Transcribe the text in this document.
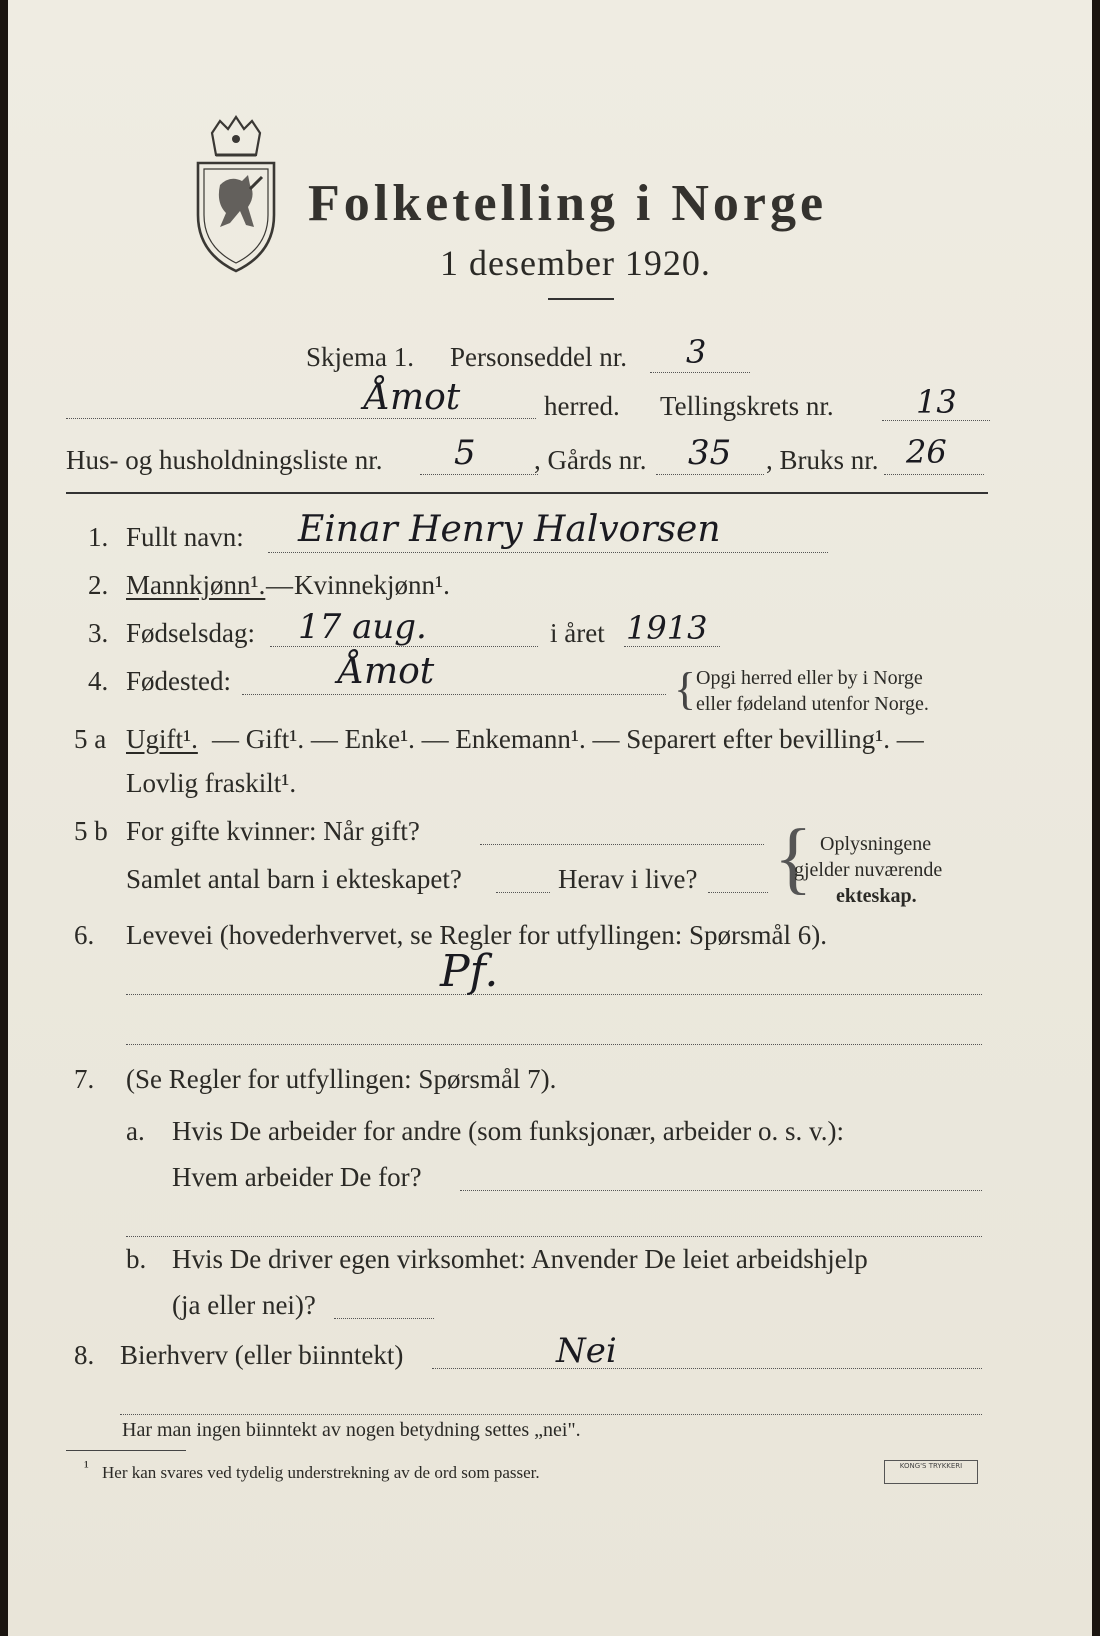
Folketelling i Norge
1 desember 1920.
Skjema 1. Personseddel nr. 3
Åmot	herred. Tellingskrets nr.	13
Hus- og husholdningsliste nr. 5 , Gårds nr. 35 , Bruks nr. 26
1. Fullt navn: Einar Henry Halvorsen
2. Mannkjønn¹. — Kvinnekjønn¹.
3. Fødselsdag: 17 aug.	i året 1913
4. Fødested:	Åmot	{ Opgi herred eller by i Norge
eller fødeland utenfor Norge.
5 a Ugift¹. — Gift¹. — Enke¹. — Enkemann¹. — Separert efter bevilling¹. —
Lovlig fraskilt¹.
5 b For gifte kvinner: Når gift?
Samlet antal barn i ekteskapet?	Herav i live? { Oplysningene
gjelder nuværende
ekteskap.
6. Levevei (hovederhvervet, se Regler for utfyllingen: Spørsmål 6).
Pf.
7. (Se Regler for utfyllingen: Spørsmål 7).
a. Hvis De arbeider for andre (som funksjonær, arbeider o. s. v.):
Hvem arbeider De for?
b. Hvis De driver egen virksomhet: Anvender De leiet arbeidshjelp
(ja eller nei)?
8. Bierhverv (eller biinntekt)	Nei
Har man ingen biinntekt av nogen betydning settes „nei".
¹ Her kan svares ved tydelig understrekning av de ord som passer.	KONG'S TRYKKERI
